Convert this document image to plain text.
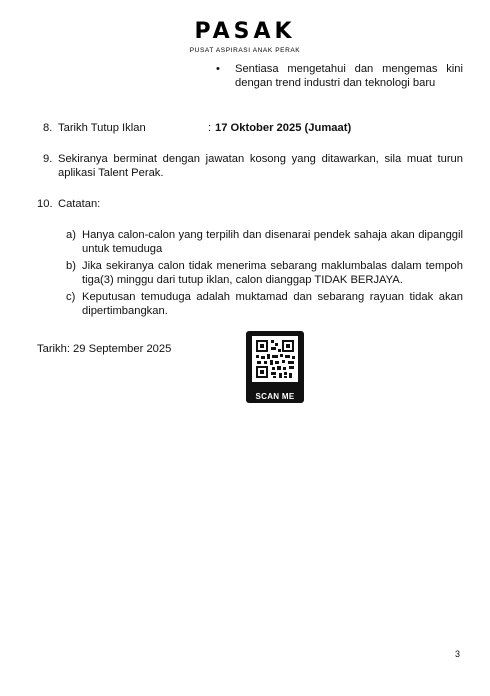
PASAK
PUSAT ASPIRASI ANAK PERAK
• Sentiasa mengetahui dan mengemas kini dengan trend industri dan teknologi baru
8. Tarikh Tutup Iklan	: 17 Oktober 2025 (Jumaat)
9. Sekiranya berminat dengan jawatan kosong yang ditawarkan, sila muat turun aplikasi Talent Perak.
10. Catatan:
a) Hanya calon-calon yang terpilih dan disenarai pendek sahaja akan dipanggil untuk temuduga
b) Jika sekiranya calon tidak menerima sebarang maklumbalas dalam tempoh tiga(3) minggu dari tutup iklan, calon dianggap TIDAK BERJAYA.
c) Keputusan temuduga adalah muktamad dan sebarang rayuan tidak akan dipertimbangkan.
Tarikh: 29 September 2025
SCAN ME
3
